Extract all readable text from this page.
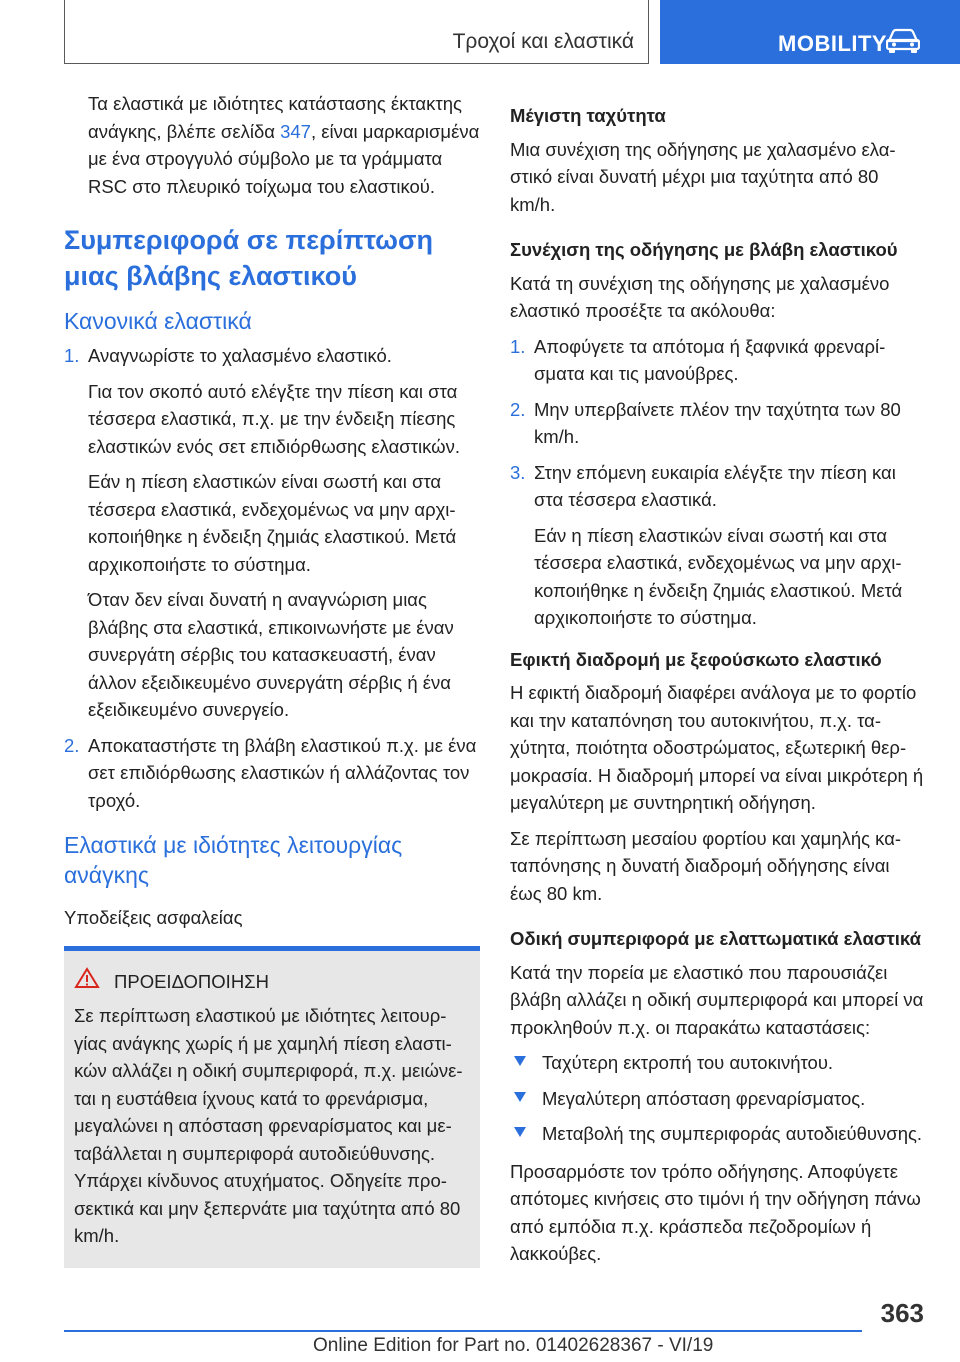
Τροχοί και ελαστικά	MOBILITY

Τα ελαστικά με ιδιότητες κατάστασης έκτακτης ανάγκης, βλέπε σελίδα 347, είναι μαρκαρισμένα με ένα στρογγυλό σύμβολο με τα γράμματα RSC στο πλευρικό τοίχωμα του ελαστικού.

Συμπεριφορά σε περίπτωση μιας βλάβης ελαστικού
Κανονικά ελαστικά
1. Αναγνωρίστε το χαλασμένο ελαστικό.

Για τον σκοπό αυτό ελέγξτε την πίεση και στα τέσσερα ελαστικά, π.χ. με την ένδειξη πίεσης ελαστικών ενός σετ επιδιόρθωσης ελαστικών.

Εάν η πίεση ελαστικών είναι σωστή και στα τέσσερα ελαστικά, ενδεχομένως να μην αρχικοποιήθηκε η ένδειξη ζημιάς ελαστικού. Μετά αρχικοποιήστε το σύστημα.

Όταν δεν είναι δυνατή η αναγνώριση μιας βλάβης στα ελαστικά, επικοινωνήστε με έναν συνεργάτη σέρβις του κατασκευαστή, έναν άλλον εξειδικευμένο συνεργάτη σέρβις ή ένα εξειδικευμένο συνεργείο.

2. Αποκαταστήστε τη βλάβη ελαστικού π.χ. με ένα σετ επιδιόρθωσης ελαστικών ή αλλάζοντας τον τροχό.

Ελαστικά με ιδιότητες λειτουργίας ανάγκης
Υποδείξεις ασφαλείας
ΠΡΟΕΙΔΟΠΟΙΗΣΗ

Σε περίπτωση ελαστικού με ιδιότητες λειτουργίας ανάγκης χωρίς ή με χαμηλή πίεση ελαστικών αλλάζει η οδική συμπεριφορά, π.χ. μειώνεται η ευστάθεια ίχνους κατά το φρενάρισμα, μεγαλώνει η απόσταση φρεναρίσματος και μεταβάλλεται η συμπεριφορά αυτοδιεύθυνσης. Υπάρχει κίνδυνος ατυχήματος. Οδηγείτε προσεκτικά και μην ξεπερνάτε μια ταχύτητα από 80 km/h.

Μέγιστη ταχύτητα

Μια συνέχιση της οδήγησης με χαλασμένο ελαστικό είναι δυνατή μέχρι μια ταχύτητα από 80 km/h.

Συνέχιση της οδήγησης με βλάβη ελαστικού

Κατά τη συνέχιση της οδήγησης με χαλασμένο ελαστικό προσέξτε τα ακόλουθα:

1. Αποφύγετε τα απότομα ή ξαφνικά φρεναρίσματα και τις μανούβρες.

2. Μην υπερβαίνετε πλέον την ταχύτητα των 80 km/h.

3. Στην επόμενη ευκαιρία ελέγξτε την πίεση και στα τέσσερα ελαστικά.

Εάν η πίεση ελαστικών είναι σωστή και στα τέσσερα ελαστικά, ενδεχομένως να μην αρχικοποιήθηκε η ένδειξη ζημιάς ελαστικού. Μετά αρχικοποιήστε το σύστημα.

Εφικτή διαδρομή με ξεφούσκωτο ελαστικό

Η εφικτή διαδρομή διαφέρει ανάλογα με το φορτίο και την καταπόνηση του αυτοκινήτου, π.χ. ταχύτητα, ποιότητα οδοστρώματος, εξωτερική θερμοκρασία. Η διαδρομή μπορεί να είναι μικρότερη ή μεγαλύτερη με συντηρητική οδήγηση.

Σε περίπτωση μεσαίου φορτίου και χαμηλής καταπόνησης η δυνατή διαδρομή οδήγησης είναι έως 80 km.

Οδική συμπεριφορά με ελαττωματικά ελαστικά

Κατά την πορεία με ελαστικό που παρουσιάζει βλάβη αλλάζει η οδική συμπεριφορά και μπορεί να προκληθούν π.χ. οι παρακάτω καταστάσεις:

Ταχύτερη εκτροπή του αυτοκινήτου.
Μεγαλύτερη απόσταση φρεναρίσματος.
Μεταβολή της συμπεριφοράς αυτοδιεύθυνσης.

Προσαρμόστε τον τρόπο οδήγησης. Αποφύγετε απότομες κινήσεις στο τιμόνι ή την οδήγηση πάνω από εμπόδια π.χ. κράσπεδα πεζοδρομίων ή λακκούβες.

363
Online Edition for Part no. 01402628367 - VI/19
